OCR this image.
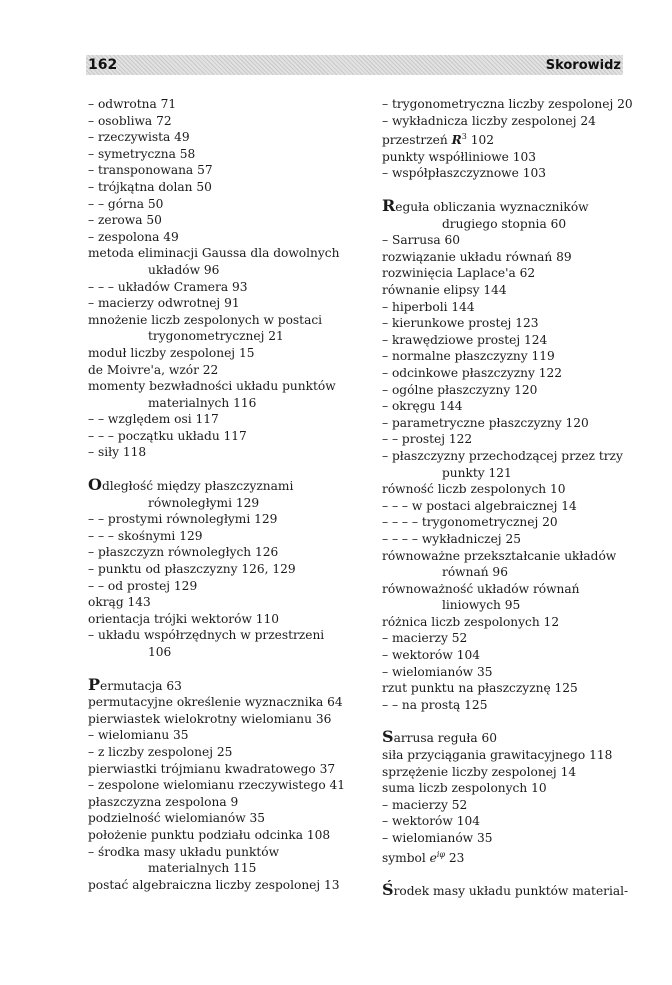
162	Skorowidz

– odwrotna 71

– osobliwa 72

– rzeczywista 49

– symetryczna 58

– transponowana 57

– trójkątna dolan 50

– – górna 50

– zerowa 50

– zespolona 49

metoda eliminacji Gaussa dla dowolnych układów 96

– – – układów Cramera 93

– macierzy odwrotnej 91

mnożenie liczb zespolonych w postaci trygonometrycznej 21

moduł liczby zespolonej 15

de Moivre'a, wzór 22

momenty bezwładności układu punktów materialnych 116

– – względem osi 117

– – – początku układu 117

– siły 118

Odległość między płaszczyznami równoległymi 129

– – prostymi równoległymi 129

– – – skośnymi 129

– płaszczyzn równoległych 126

– punktu od płaszczyzny 126, 129

– – od prostej 129

okrąg 143

orientacja trójki wektorów 110

– układu współrzędnych w przestrzeni 106

Permutacja 63

permutacyjne określenie wyznacznika 64

pierwiastek wielokrotny wielomianu 36

– wielomianu 35

– z liczby zespolonej 25

pierwiastki trójmianu kwadratowego 37

– zespolone wielomianu rzeczywistego 41

płaszczyzna zespolona 9

podzielność wielomianów 35

położenie punktu podziału odcinka 108

– środka masy układu punktów materialnych 115

postać algebraiczna liczby zespolonej 13

– trygonometryczna liczby zespolonej 20

– wykładnicza liczby zespolonej 24

przestrzeń $R^3$ 102

punkty współliniowe 103

– współpłaszczyznowe 103

Reguła obliczania wyznaczników drugiego stopnia 60

– Sarrusa 60

rozwiązanie układu równań 89

rozwinięcia Laplace'a 62

równanie elipsy 144

– hiperboli 144

– kierunkowe prostej 123

– krawędziowe prostej 124

– normalne płaszczyzny 119

– odcinkowe płaszczyzny 122

– ogólne płaszczyzny 120

– okręgu 144

– parametryczne płaszczyzny 120

– – prostej 122

– płaszczyzny przechodzącej przez trzy punkty 121

równość liczb zespolonych 10

– – – w postaci algebraicznej 14

– – – – trygonometrycznej 20

– – – – wykładniczej 25

równoważne przekształcanie układów równań 96

równoważność układów równań liniowych 95

różnica liczb zespolonych 12

– macierzy 52

– wektorów 104

– wielomianów 35

rzut punktu na płaszczyznę 125

– – na prostą 125

Sarrusa reguła 60

siła przyciągania grawitacyjnego 118

sprzężenie liczby zespolonej 14

suma liczb zespolonych 10

– macierzy 52

– wektorów 104

– wielomianów 35

symbol $e^{i\varphi}$ 23

Środek masy układu punktów material-
